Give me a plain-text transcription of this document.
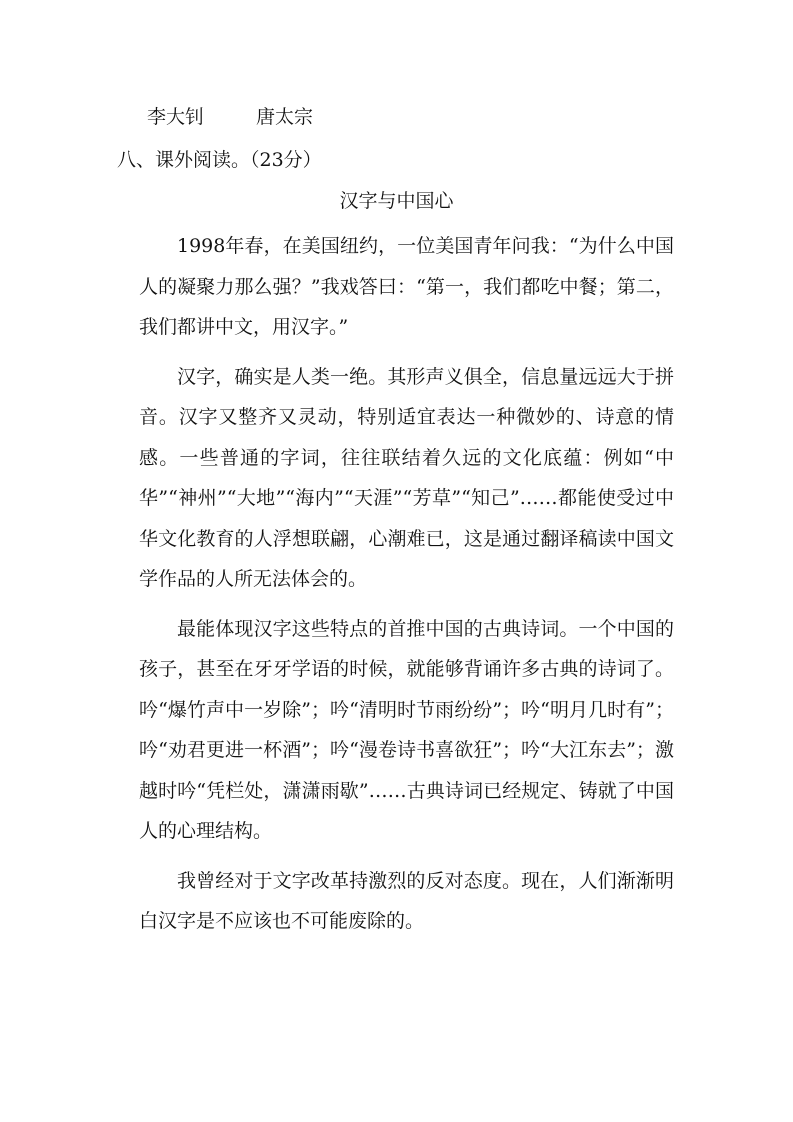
李大钊	唐太宗
八、课外阅读。（23分）
汉字与中国心

1998年春，在美国纽约，一位美国青年问我：“为什么中国人的凝聚力那么强？”我戏答曰：“第一，我们都吃中餐；第二，我们都讲中文，用汉字。”

汉字，确实是人类一绝。其形声义俱全，信息量远远大于拼音。汉字又整齐又灵动，特别适宜表达一种微妙的、诗意的情感。一些普通的字词，往往联结着久远的文化底蕴：例如“中华”“神州”“大地”“海内”“天涯”“芳草”“知己”……都能使受过中华文化教育的人浮想联翩，心潮难已，这是通过翻译稿读中国文学作品的人所无法体会的。

最能体现汉字这些特点的首推中国的古典诗词。一个中国的孩子，甚至在牙牙学语的时候，就能够背诵许多古典的诗词了。吟“爆竹声中一岁除”；吟“清明时节雨纷纷”；吟“明月几时有”；吟“劝君更进一杯酒”；吟“漫卷诗书喜欲狂”；吟“大江东去”；激越时吟“凭栏处，潇潇雨歇”……古典诗词已经规定、铸就了中国人的心理结构。

我曾经对于文字改革持激烈的反对态度。现在，人们渐渐明白汉字是不应该也不可能废除的。
